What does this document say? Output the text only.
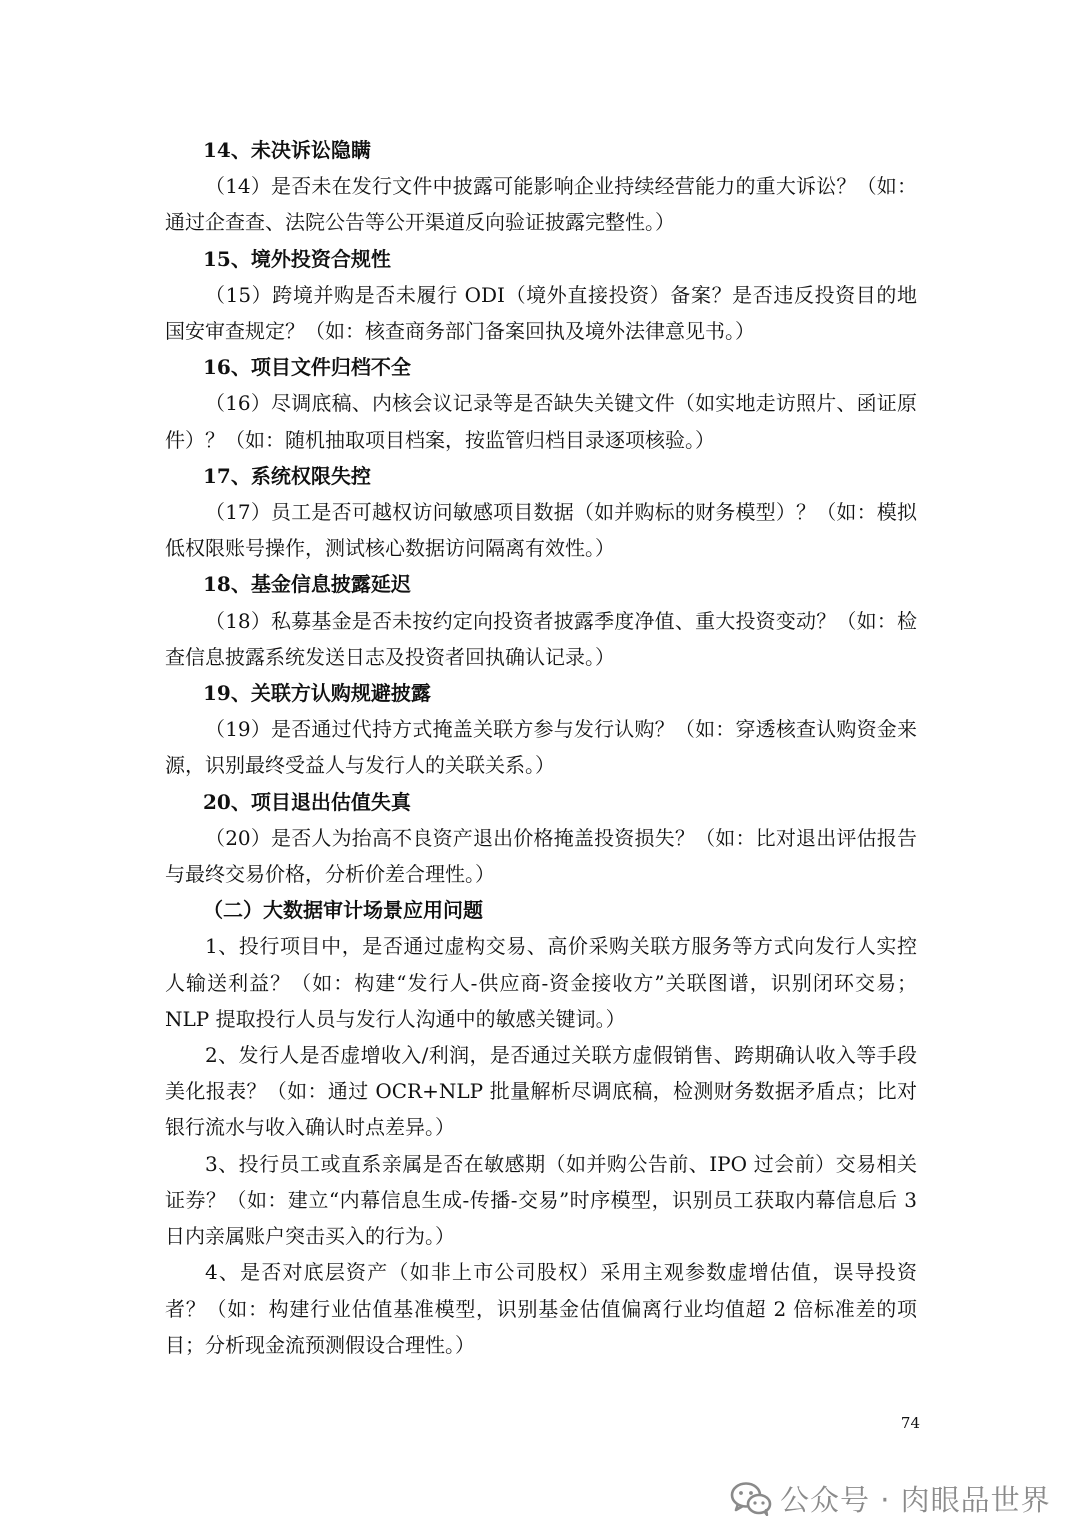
14、未决诉讼隐瞒

（14）是否未在发行文件中披露可能影响企业持续经营能力的重大诉讼？（如：通过企查查、法院公告等公开渠道反向验证披露完整性。）

15、境外投资合规性

（15）跨境并购是否未履行 ODI（境外直接投资）备案？是否违反投资目的地国安审查规定？（如：核查商务部门备案回执及境外法律意见书。）

16、项目文件归档不全

（16）尽调底稿、内核会议记录等是否缺失关键文件（如实地走访照片、函证原件）？（如：随机抽取项目档案，按监管归档目录逐项核验。）

17、系统权限失控

（17）员工是否可越权访问敏感项目数据（如并购标的财务模型）？（如：模拟低权限账号操作，测试核心数据访问隔离有效性。）

18、基金信息披露延迟

（18）私募基金是否未按约定向投资者披露季度净值、重大投资变动？（如：检查信息披露系统发送日志及投资者回执确认记录。）

19、关联方认购规避披露

（19）是否通过代持方式掩盖关联方参与发行认购？（如：穿透核查认购资金来源，识别最终受益人与发行人的关联关系。）

20、项目退出估值失真

（20）是否人为抬高不良资产退出价格掩盖投资损失？（如：比对退出评估报告与最终交易价格，分析价差合理性。）

（二）大数据审计场景应用问题

1、投行项目中，是否通过虚构交易、高价采购关联方服务等方式向发行人实控人输送利益？（如：构建“发行人-供应商-资金接收方”关联图谱，识别闭环交易；NLP 提取投行人员与发行人沟通中的敏感关键词。）

2、发行人是否虚增收入/利润，是否通过关联方虚假销售、跨期确认收入等手段美化报表？（如：通过 OCR+NLP 批量解析尽调底稿，检测财务数据矛盾点；比对银行流水与收入确认时点差异。）

3、投行员工或直系亲属是否在敏感期（如并购公告前、IPO 过会前）交易相关证券？（如：建立“内幕信息生成-传播-交易”时序模型，识别员工获取内幕信息后 3 日内亲属账户突击买入的行为。）

4、是否对底层资产（如非上市公司股权）采用主观参数虚增估值，误导投资者？（如：构建行业估值基准模型，识别基金估值偏离行业均值超 2 倍标准差的项目；分析现金流预测假设合理性。）

74
公众号 · 肉眼品世界
